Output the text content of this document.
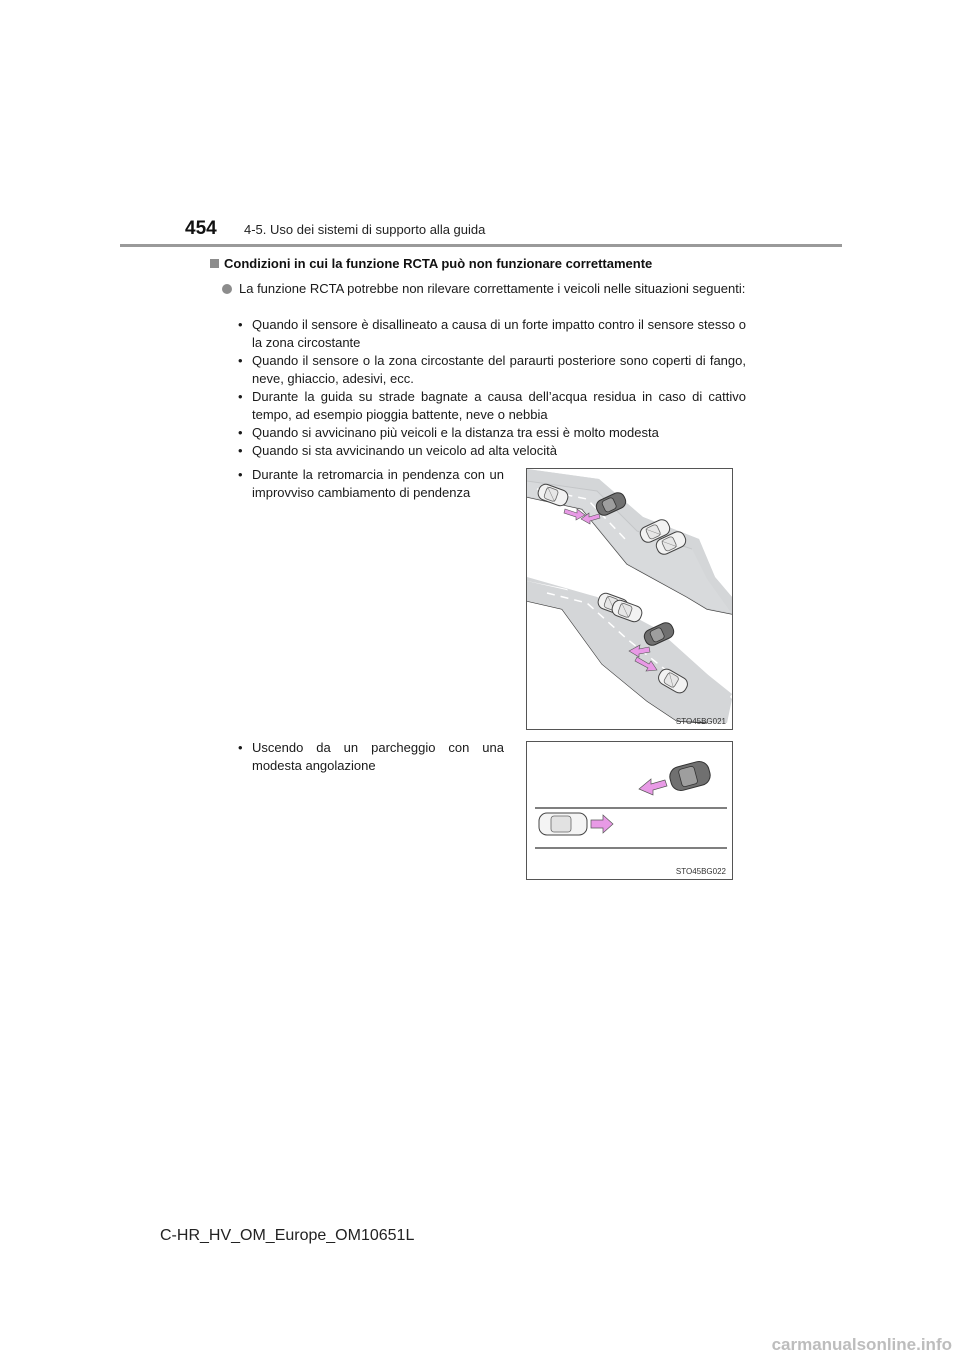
454 4-5. Uso dei sistemi di supporto alla guida
Condizioni in cui la funzione RCTA può non funzionare correttamente
La funzione RCTA potrebbe non rilevare correttamente i veicoli nelle situazioni seguenti:
• Quando il sensore è disallineato a causa di un forte impatto contro il sensore stesso o la zona circostante
• Quando il sensore o la zona circostante del paraurti posteriore sono coperti di fango, neve, ghiaccio, adesivi, ecc.
• Durante la guida su strade bagnate a causa dell’acqua residua in caso di cattivo tempo, ad esempio pioggia battente, neve o nebbia
• Quando si avvicinano più veicoli e la distanza tra essi è molto modesta
• Quando si sta avvicinando un veicolo ad alta velocità
• Durante la retromarcia in pendenza con un improvviso cambiamento di pendenza
STO45BG021
• Uscendo da un parcheggio con una modesta angolazione
STO45BG022
C-HR_HV_OM_Europe_OM10651L
carmanualsonline.info
